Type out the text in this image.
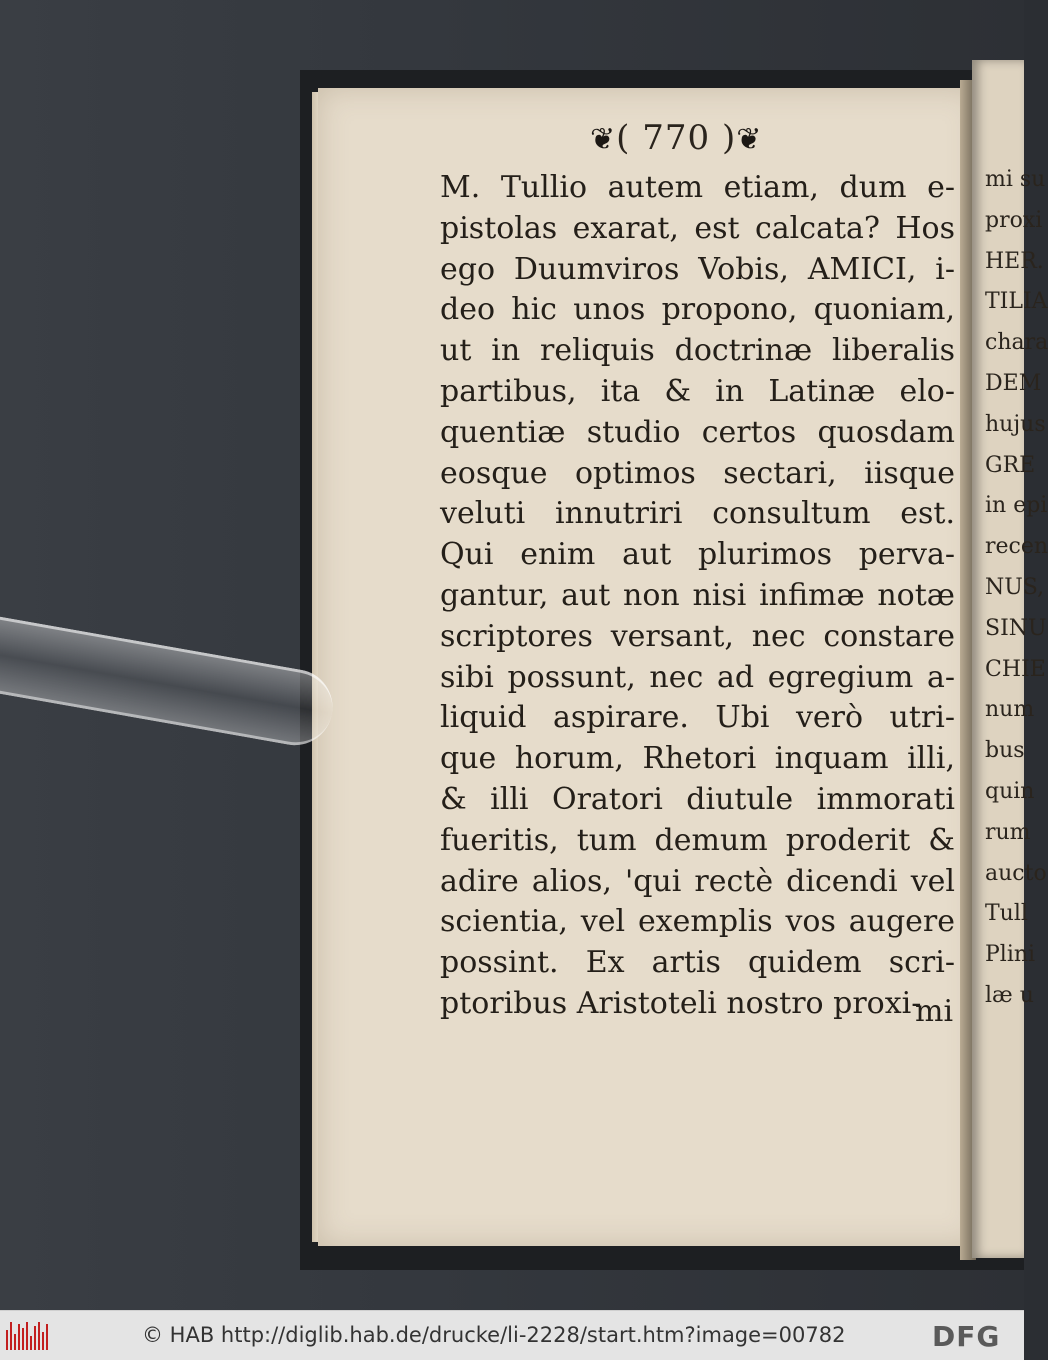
❦( 770 )❦
M. Tullio autem etiam, dum e-
pistolas exarat, est calcata? Hos
ego Duumviros Vobis, AMICI, i-
deo hic unos propono, quoniam,
ut in reliquis doctrinæ liberalis
partibus, ita & in Latinæ elo-
quentiæ studio certos quosdam
eosque optimos sectari, iisque
veluti innutriri consultum est.
Qui enim aut plurimos perva-
gantur, aut non nisi infimæ notæ
scriptores versant, nec constare
sibi possunt, nec ad egregium a-
liquid aspirare. Ubi verò utri-
que horum, Rhetori inquam illi,
& illi Oratori diutule immorati
fueritis, tum demum proderit &
adire alios, 'qui rectè dicendi vel
scientia, vel exemplis vos augere
possint. Ex artis quidem scri-
ptoribus Aristoteli nostro proxi-
mi
mi su
proxi
HER.
TILIA
chara
DEM
hujus
GRE
in epi
recen
NUS,
SINU
CHIE
num
bus
quin
rum
aucto
Tull
Plini
læ u
© HAB http://diglib.hab.de/drucke/li-2228/start.htm?image=00782	DFG
